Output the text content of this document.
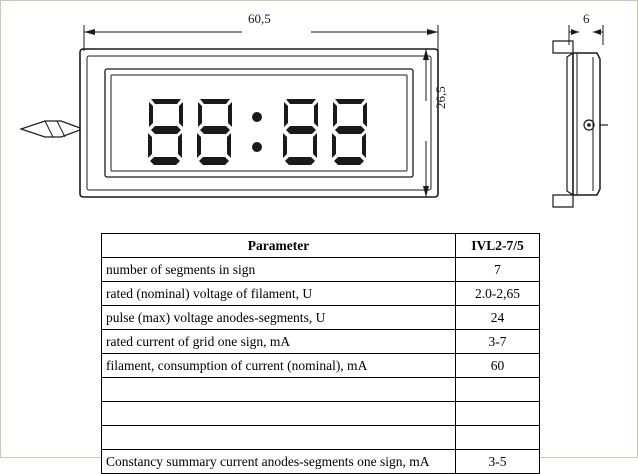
60,5	6
26,5
Parameter	IVL2-7/5
number of segments in sign	7
rated (nominal) voltage of filament, U	2.0-2,65
pulse (max) voltage anodes-segments, U	24
rated current of grid one sign, mA	3-7
filament, consumption of current (nominal), mA	60

Constancy summary current anodes-segments one sign, mA	3-5
